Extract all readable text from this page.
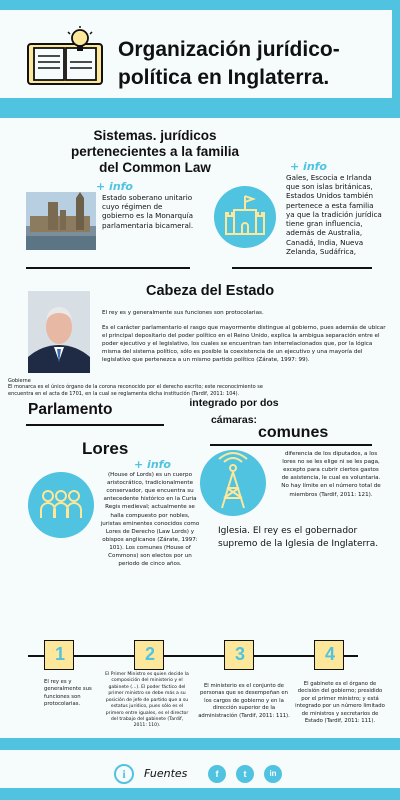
Organización jurídico-
política en Inglaterra.
Sistemas. jurídicos
pertenecientes a la familia
del Common Law
+ info
Estado soberano unitario cuyo régimen de gobierno es la Monarquía parlamentaria bicameral.
+ info
Gales, Escocia e Irlanda que son islas británicas, Estados Unidos también pertenece a esta familia ya que la tradición jurídica tiene gran influencia, además de Australia, Canadá, India, Nueva Zelanda, Sudáfrica,
Cabeza del Estado
El rey es y generalmente sus funciones son protocolarias.
Es el carácter parlamentario el rasgo que mayormente distingue al gobierno, pues además de ubicar el principal depositario del poder político en el Reino Unido, explica la ambigua separación entre el poder ejecutivo y el legislativo, los cuales se encuentran tan interrelacionados que, por la lógica misma del sistema político, sólo es posible la coexistencia de un ejecutivo y una mayoría del legislativo que pertenezca a un mismo partido político (Zárate, 1997: 99).
Gobierne
El monarca es el único órgano de la corona reconocido por el derecho escrito; este reconocimiento se encuentra en el acta de 1701, en la cual se reglamenta dicha institución (Tardif, 2011: 104).
Parlamento	integrado por dos
cámaras:
comunes
Lores	diferencia de los diputados, a los lores no se les elige ni se les paga, excepto para cubrir ciertos gastos de asistencia, le cual es voluntaria. No hay límite en el número total de miembros (Tardif, 2011: 121).
+ info
(House of Lords) es un cuerpo aristocrático, tradicionalmente conservador, que encuentra su antecedente histórico en la Curia Regis medieval; actualmente se halla compuesto por nobles, juristas eminentes conocidos como Lores de Derecho (Law Lords) y obispos anglicanos (Zárate, 1997: 101). Los comunes (House of Commons) son electos por un periodo de cinco años.
Iglesia. El rey es el gobernador supremo de la Iglesia de Inglaterra.
1	2	3	4
El rey es y generalmente sus funciones son protocolarias.
El Primer Ministro es quien decide la composición del ministerio y el gabinete (...). El poder fáctico del primer ministro se debe más a su posición de jefe de partido que a su estatus jurídico, pues sólo es el primero entre iguales, es el director del trabajo del gabinete (Tardif, 2011: 110).
El ministerio es el conjunto de personas que se desempeñan en los cargos de gobierno y en la dirección superior de la administración (Tardif, 2011: 111).
El gabinete es el órgano de decisión del gobierno; presidido por el primer ministro; y está integrado por un número limitado de ministros y secretarios de Estado (Tardif, 2011: 111).
i	Fuentes	f	t	in
